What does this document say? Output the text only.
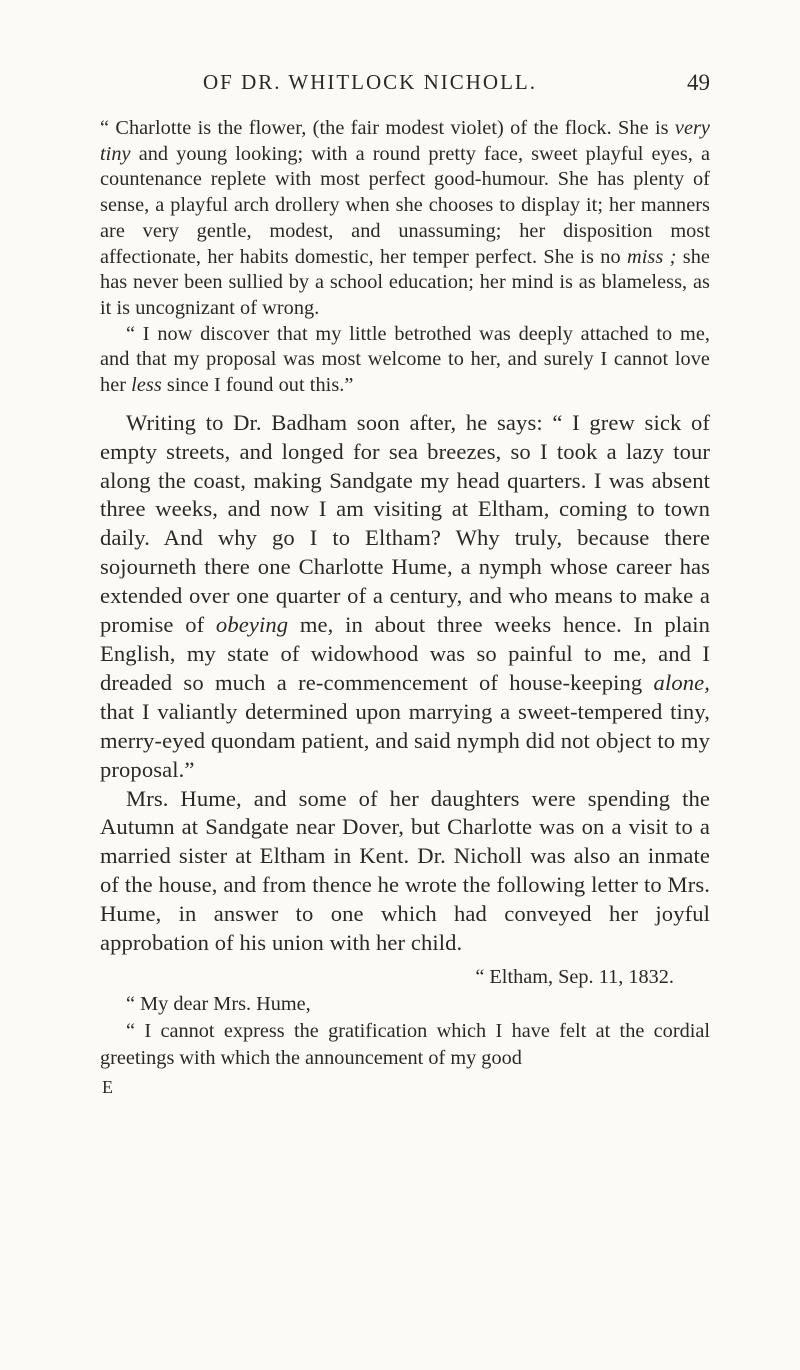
OF DR. WHITLOCK NICHOLL.	49

“ Charlotte is the flower, (the fair modest violet) of the flock. She is very tiny and young looking; with a round pretty face, sweet playful eyes, a countenance replete with most perfect good-humour. She has plenty of sense, a playful arch drollery when she chooses to display it; her manners are very gentle, modest, and unassuming; her disposition most affectionate, her habits domestic, her temper perfect. She is no miss ; she has never been sullied by a school education; her mind is as blameless, as it is uncognizant of wrong.

“ I now discover that my little betrothed was deeply attached to me, and that my proposal was most welcome to her, and surely I cannot love her less since I found out this.”

Writing to Dr. Badham soon after, he says: “ I grew sick of empty streets, and longed for sea breezes, so I took a lazy tour along the coast, making Sandgate my head quarters. I was absent three weeks, and now I am visiting at Eltham, coming to town daily. And why go I to Eltham? Why truly, because there sojourneth there one Charlotte Hume, a nymph whose career has extended over one quarter of a century, and who means to make a promise of obeying me, in about three weeks hence. In plain English, my state of widowhood was so painful to me, and I dreaded so much a re-commencement of house-keeping alone, that I valiantly determined upon marrying a sweet-tempered tiny, merry-eyed quondam patient, and said nymph did not object to my proposal.”

Mrs. Hume, and some of her daughters were spending the Autumn at Sandgate near Dover, but Charlotte was on a visit to a married sister at Eltham in Kent. Dr. Nicholl was also an inmate of the house, and from thence he wrote the following letter to Mrs. Hume, in answer to one which had conveyed her joyful approbation of his union with her child.

“ Eltham, Sep. 11, 1832.

“ My dear Mrs. Hume,

“ I cannot express the gratification which I have felt at the cordial greetings with which the announcement of my good

E
